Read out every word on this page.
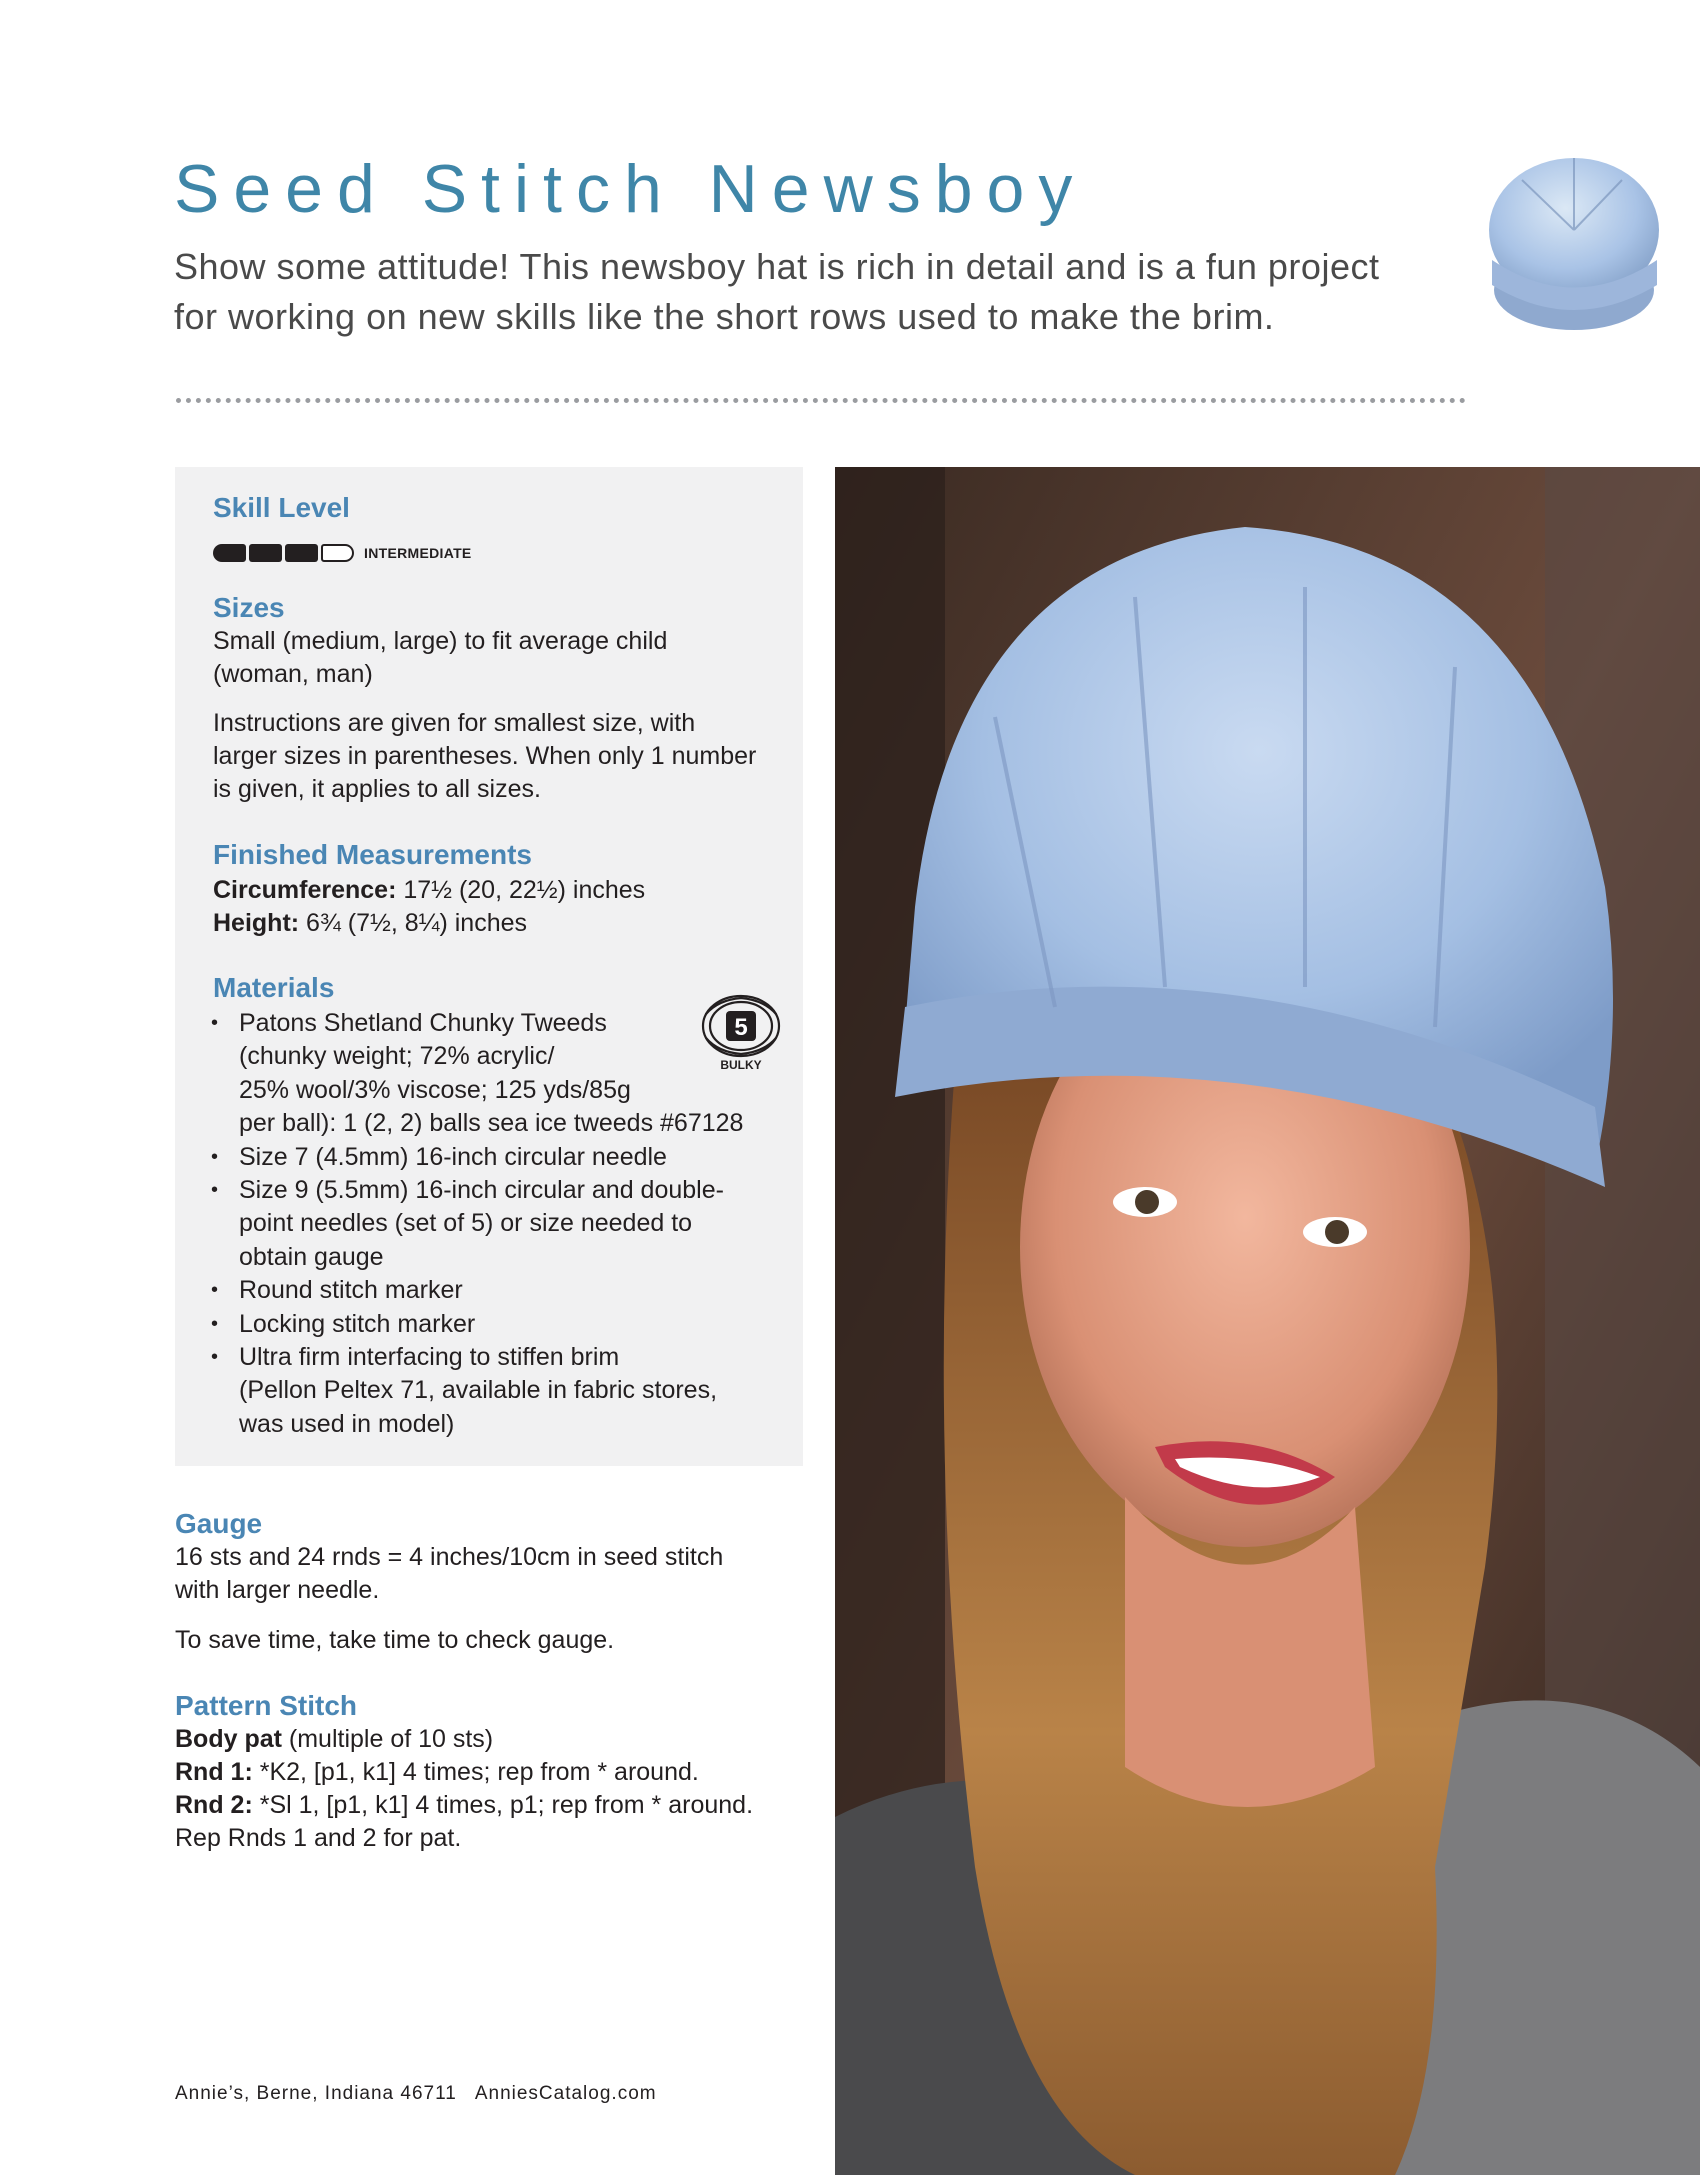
Seed Stitch Newsboy
Show some attitude! This newsboy hat is rich in detail and is a fun project
for working on new skills like the short rows used to make the brim.
Skill Level
INTERMEDIATE
Sizes
Small (medium, large) to fit average child
(woman, man)
Instructions are given for smallest size, with
larger sizes in parentheses. When only 1 number
is given, it applies to all sizes.
Finished Measurements
Circumference: 17½ (20, 22½) inches
Height: 6¾ (7½, 8¼) inches
Materials
• Patons Shetland Chunky Tweeds
(chunky weight; 72% acrylic/
25% wool/3% viscose; 125 yds/85g
per ball): 1 (2, 2) balls sea ice tweeds #67128
• Size 7 (4.5mm) 16-inch circular needle
• Size 9 (5.5mm) 16-inch circular and double-
point needles (set of 5) or size needed to
obtain gauge
• Round stitch marker
• Locking stitch marker
• Ultra firm interfacing to stiffen brim
(Pellon Peltex 71, available in fabric stores,
was used in model)
5
BULKY
Gauge
16 sts and 24 rnds = 4 inches/10cm in seed stitch
with larger needle.
To save time, take time to check gauge.
Pattern Stitch
Body pat (multiple of 10 sts)
Rnd 1: *K2, [p1, k1] 4 times; rep from * around.
Rnd 2: *Sl 1, [p1, k1] 4 times, p1; rep from * around.
Rep Rnds 1 and 2 for pat.
Annie’s, Berne, Indiana 46711 AnniesCatalog.com
